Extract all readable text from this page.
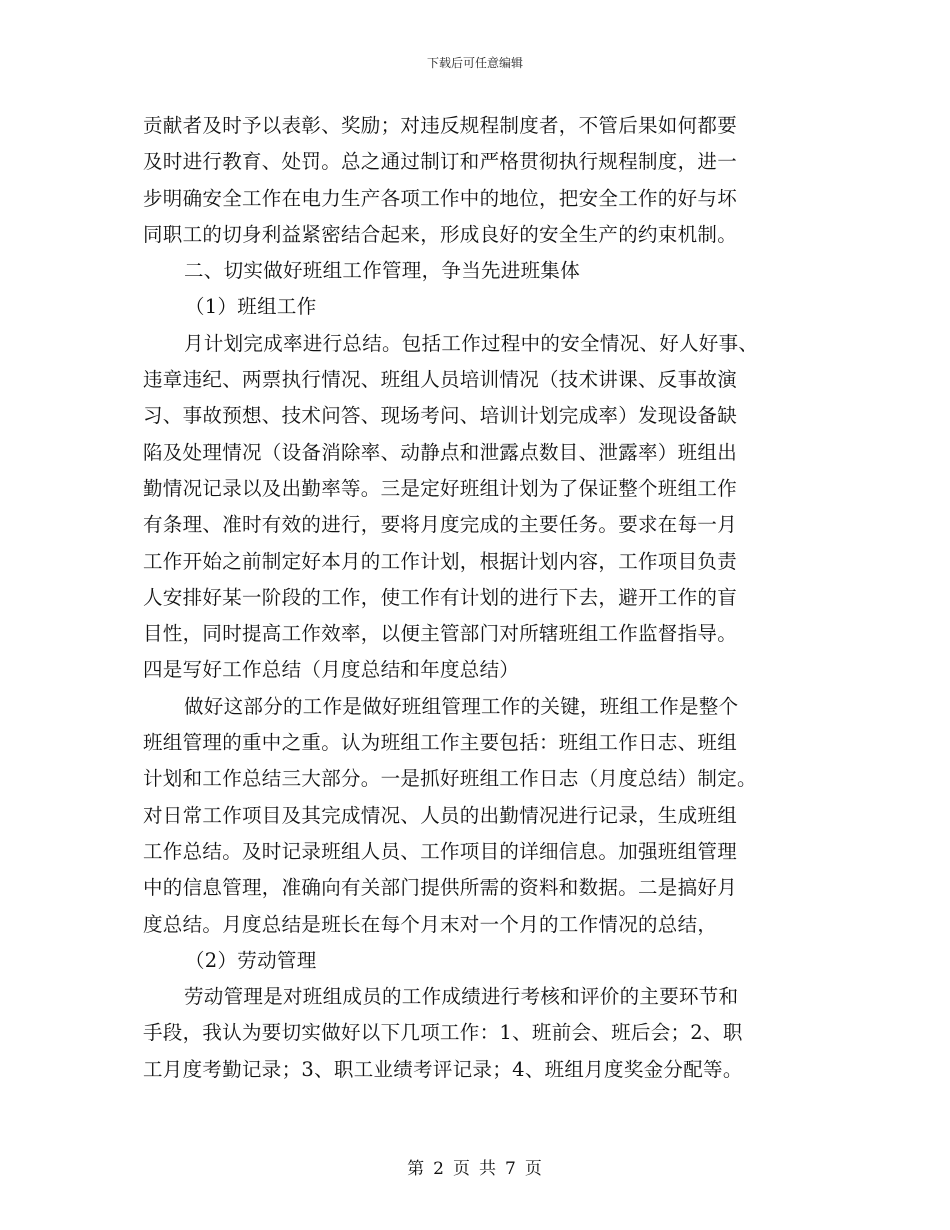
下载后可任意编辑
贡献者及时予以表彰、奖励；对违反规程制度者，不管后果如何都要
及时进行教育、处罚。总之通过制订和严格贯彻执行规程制度，进一
步明确安全工作在电力生产各项工作中的地位，把安全工作的好与坏
同职工的切身利益紧密结合起来，形成良好的安全生产的约束机制。
二、切实做好班组工作管理，争当先进班集体
（1）班组工作
月计划完成率进行总结。包括工作过程中的安全情况、好人好事、
违章违纪、两票执行情况、班组人员培训情况（技术讲课、反事故演
习、事故预想、技术问答、现场考问、培训计划完成率）发现设备缺
陷及处理情况（设备消除率、动静点和泄露点数目、泄露率）班组出
勤情况记录以及出勤率等。三是定好班组计划为了保证整个班组工作
有条理、准时有效的进行，要将月度完成的主要任务。要求在每一月
工作开始之前制定好本月的工作计划，根据计划内容，工作项目负责
人安排好某一阶段的工作，使工作有计划的进行下去，避开工作的盲
目性，同时提高工作效率，以便主管部门对所辖班组工作监督指导。
四是写好工作总结（月度总结和年度总结）
做好这部分的工作是做好班组管理工作的关键，班组工作是整个
班组管理的重中之重。认为班组工作主要包括：班组工作日志、班组
计划和工作总结三大部分。一是抓好班组工作日志（月度总结）制定。
对日常工作项目及其完成情况、人员的出勤情况进行记录，生成班组
工作总结。及时记录班组人员、工作项目的详细信息。加强班组管理
中的信息管理，准确向有关部门提供所需的资料和数据。二是搞好月
度总结。月度总结是班长在每个月末对一个月的工作情况的总结，
（2）劳动管理
劳动管理是对班组成员的工作成绩进行考核和评价的主要环节和
手段，我认为要切实做好以下几项工作：1、班前会、班后会；2、职
工月度考勤记录；3、职工业绩考评记录；4、班组月度奖金分配等。
第 2 页 共 7 页
